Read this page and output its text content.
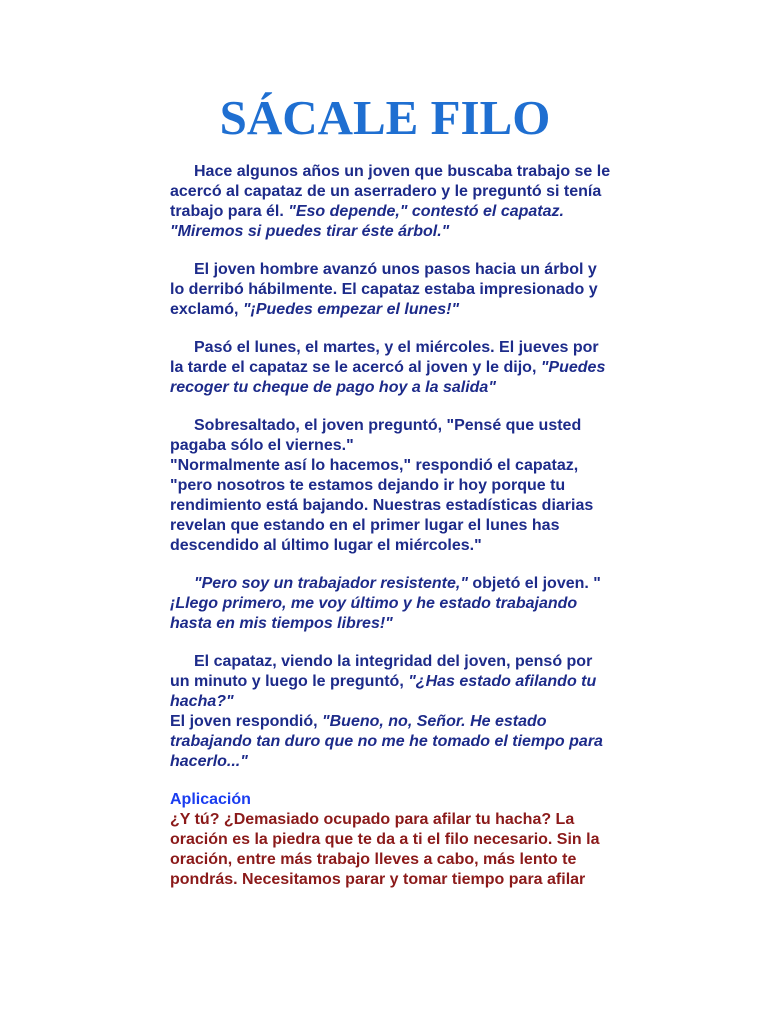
SÁCALE FILO
Hace algunos años un joven que buscaba trabajo se le
acercó al capataz de un aserradero y le preguntó si tenía
trabajo para él. "Eso depende," contestó el capataz.
"Miremos si puedes tirar éste árbol."
El joven hombre avanzó unos pasos hacia un árbol y
lo derribó hábilmente. El capataz estaba impresionado y
exclamó, "¡Puedes empezar el lunes!"
Pasó el lunes, el martes, y el miércoles. El jueves por
la tarde el capataz se le acercó al joven y le dijo, "Puedes
recoger tu cheque de pago hoy a la salida"
Sobresaltado, el joven preguntó, "Pensé que usted
pagaba sólo el viernes."
"Normalmente así lo hacemos," respondió el capataz,
"pero nosotros te estamos dejando ir hoy porque tu
rendimiento está bajando. Nuestras estadísticas diarias
revelan que estando en el primer lugar el lunes has
descendido al último lugar el miércoles."
"Pero soy un trabajador resistente," objetó el joven. "
¡Llego primero, me voy último y he estado trabajando
hasta en mis tiempos libres!"
El capataz, viendo la integridad del joven, pensó por
un minuto y luego le preguntó, "¿Has estado afilando tu
hacha?"
El joven respondió, "Bueno, no, Señor. He estado
trabajando tan duro que no me he tomado el tiempo para
hacerlo..."
Aplicación
¿Y tú? ¿Demasiado ocupado para afilar tu hacha? La
oración es la piedra que te da a ti el filo necesario. Sin la
oración, entre más trabajo lleves a cabo, más lento te
pondrás. Necesitamos parar y tomar tiempo para afilar
